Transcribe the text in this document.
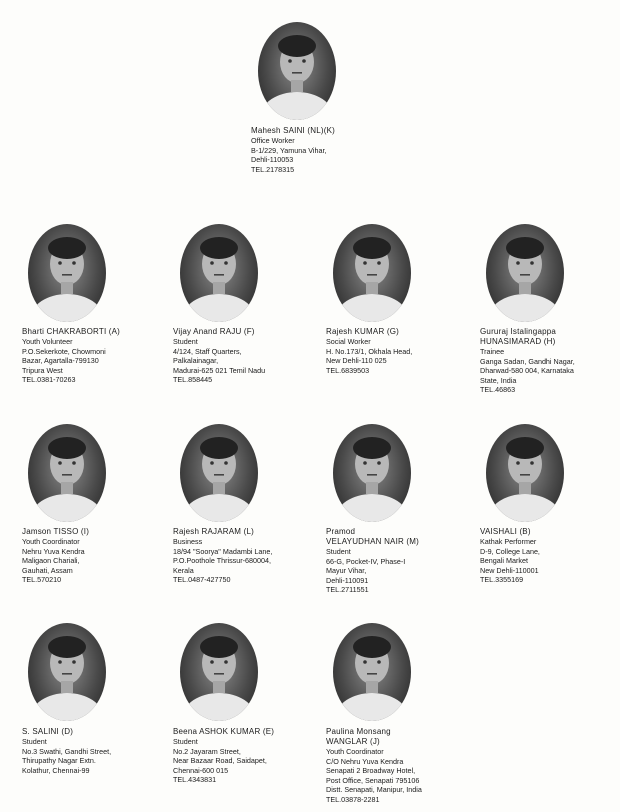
Mahesh SAINI (NL)(K)
Office Worker
B-1/229, Yamuna Vihar,
Dehli-110053
TEL.2178315
Bharti CHAKRABORTI (A)
Youth Volunteer
P.O.Sekerkote, Chowmoni
Bazar, Agartalla-799130
Tripura West
TEL.0381-70263
Vijay Anand RAJU (F)
Student
4/124, Staff Quarters,
Palkalainagar,
Madurai-625 021 Temil Nadu
TEL.858445
Rajesh KUMAR (G)
Social Worker
H. No.173/1, Okhala Head,
New Dehli-110 025
TEL.6839503
Gururaj Istalingappa
HUNASIMARAD (H)
Trainee
Ganga Sadan, Gandhi Nagar,
Dharwad-580 004, Karnataka
State, India
TEL.46863
Jamson TISSO (I)
Youth Coordinator
Nehru Yuva Kendra
Maligaon Chariali,
Gauhati, Assam
TEL.570210
Rajesh RAJARAM (L)
Business
18/94 "Soorya" Madambi Lane,
P.O.Poothole Thrissur-680004,
Kerala
TEL.0487-427750
Pramod
VELAYUDHAN NAIR (M)
Student
66-G, Pocket-IV, Phase-I
Mayur Vihar,
Dehli-110091
TEL.2711551
VAISHALI (B)
Kathak Performer
D-9, College Lane,
Bengali Market
New Dehli-110001
TEL.3355169
S. SALINI (D)
Student
No.3 Swathi, Gandhi Street,
Thirupathy Nagar Extn.
Kolathur, Chennai-99
Beena ASHOK KUMAR (E)
Student
No.2 Jayaram Street,
Near Bazaar Road, Saidapet,
Chennai-600 015
TEL.4343831
Paulina Monsang
WANGLAR (J)
Youth Coordinator
C/O Nehru Yuva Kendra
Senapati 2 Broadway Hotel,
Post Office, Senapati 795106
Distt. Senapati, Manipur, India
TEL.03878-2281
